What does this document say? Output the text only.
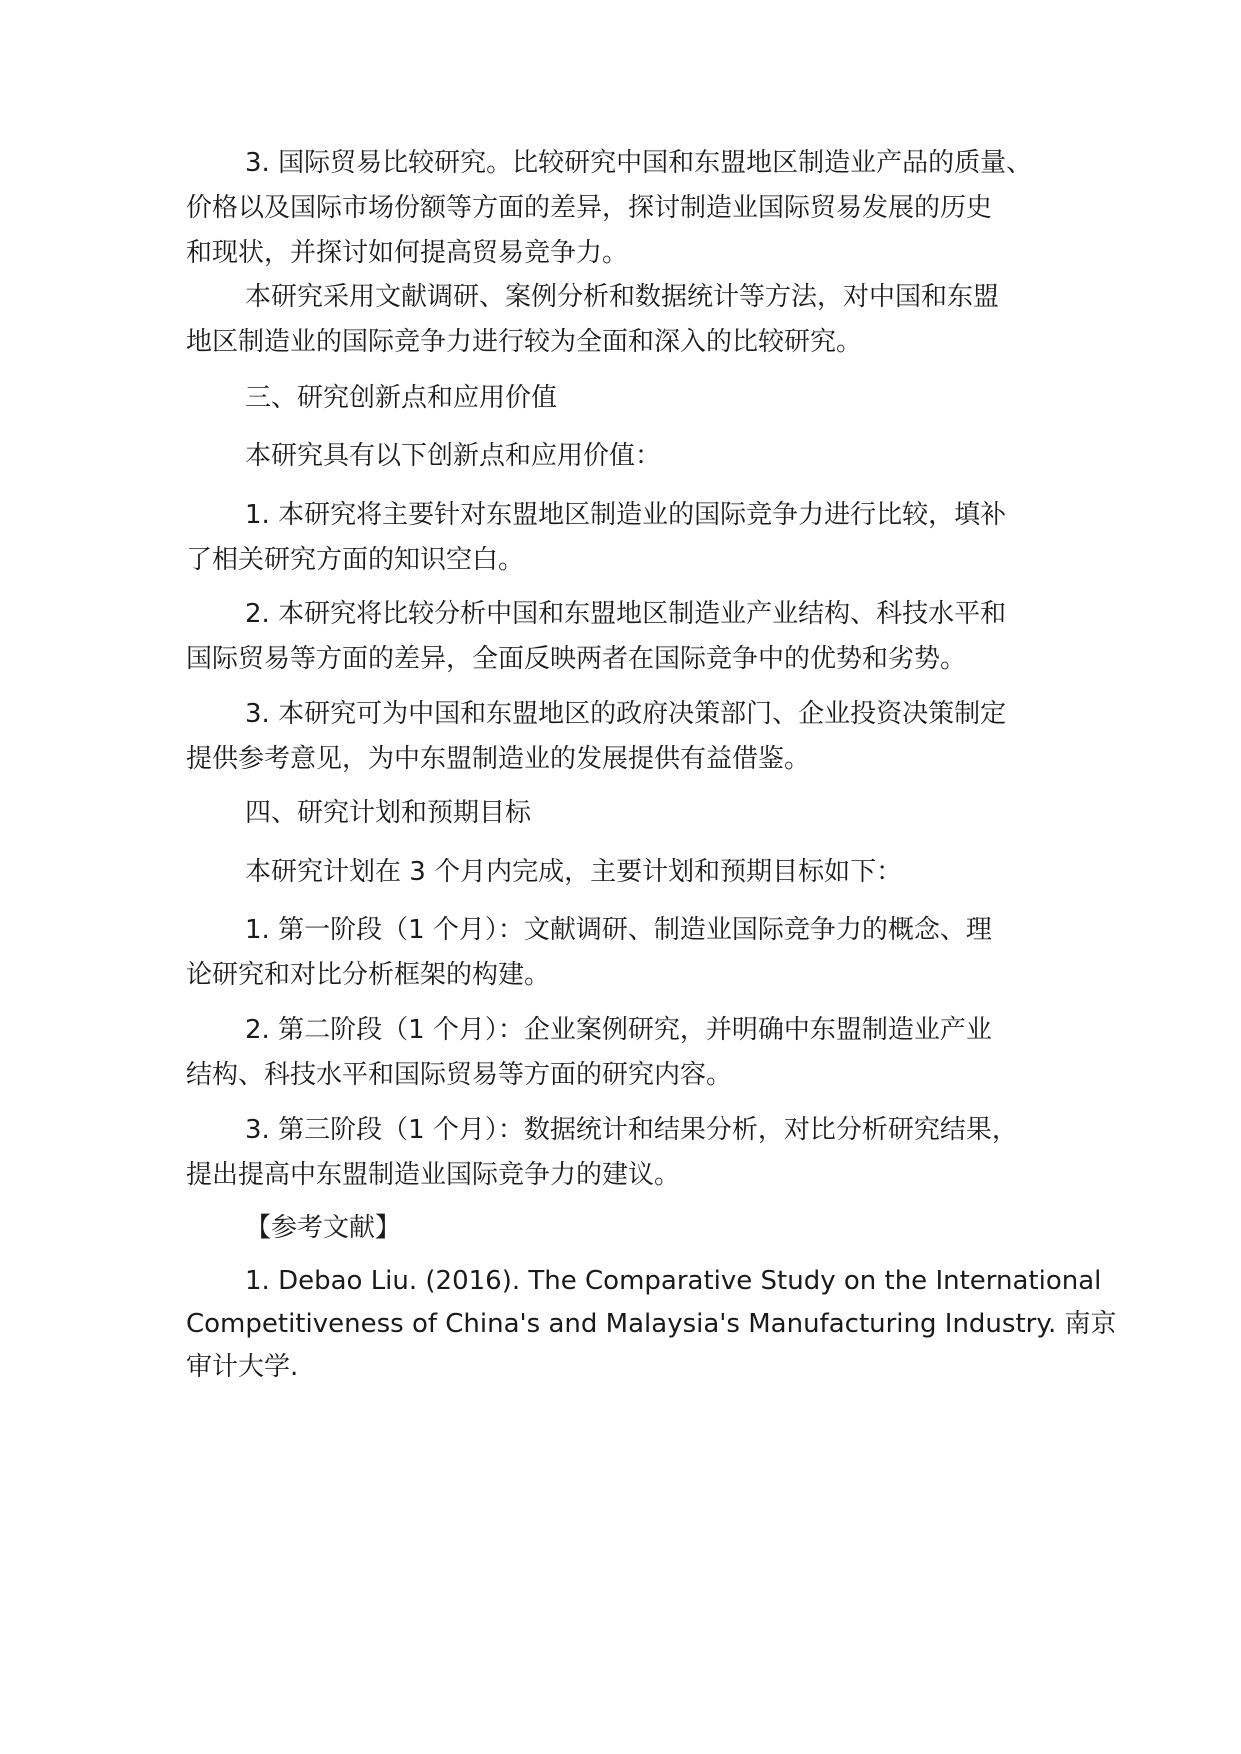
3. 国际贸易比较研究。比较研究中国和东盟地区制造业产品的质量、
价格以及国际市场份额等方面的差异，探讨制造业国际贸易发展的历史
和现状，并探讨如何提高贸易竞争力。
本研究采用文献调研、案例分析和数据统计等方法，对中国和东盟
地区制造业的国际竞争力进行较为全面和深入的比较研究。
三、研究创新点和应用价值
本研究具有以下创新点和应用价值：
1. 本研究将主要针对东盟地区制造业的国际竞争力进行比较，填补
了相关研究方面的知识空白。
2. 本研究将比较分析中国和东盟地区制造业产业结构、科技水平和
国际贸易等方面的差异，全面反映两者在国际竞争中的优势和劣势。
3. 本研究可为中国和东盟地区的政府决策部门、企业投资决策制定
提供参考意见，为中东盟制造业的发展提供有益借鉴。
四、研究计划和预期目标
本研究计划在 3 个月内完成，主要计划和预期目标如下：
1. 第一阶段（1 个月）：文献调研、制造业国际竞争力的概念、理
论研究和对比分析框架的构建。
2. 第二阶段（1 个月）：企业案例研究，并明确中东盟制造业产业
结构、科技水平和国际贸易等方面的研究内容。
3. 第三阶段（1 个月）：数据统计和结果分析，对比分析研究结果，
提出提高中东盟制造业国际竞争力的建议。
【参考文献】
1. Debao Liu. (2016). The Comparative Study on the International
Competitiveness of China's and Malaysia's Manufacturing Industry. 南京
审计大学.
